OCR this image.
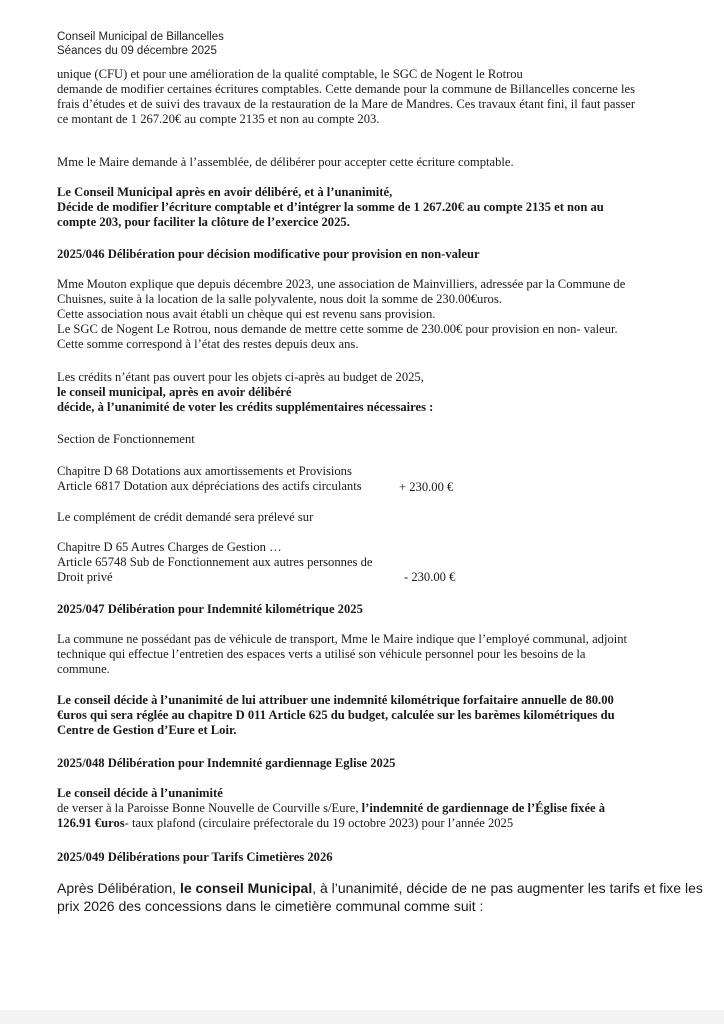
Conseil Municipal de Billancelles
Séances du 09 décembre 2025
unique (CFU) et pour une amélioration de la qualité comptable, le SGC de Nogent le Rotrou
demande de modifier certaines écritures comptables. Cette demande pour la commune de Billancelles concerne les
frais d’études et de suivi des travaux de la restauration de la Mare de Mandres. Ces travaux étant fini, il faut passer
ce montant de 1 267.20€ au compte 2135 et non au compte 203.
Mme le Maire demande à l’assemblée, de délibérer pour accepter cette écriture comptable.
Le Conseil Municipal après en avoir délibéré, et à l’unanimité,
Décide de modifier l’écriture comptable et d’intégrer la somme de 1 267.20€ au compte 2135 et non au
compte 203, pour faciliter la clôture de l’exercice 2025.
2025/046 Délibération pour décision modificative pour provision en non-valeur
Mme Mouton explique que depuis décembre 2023, une association de Mainvilliers, adressée par la Commune de
Chuisnes, suite à la location de la salle polyvalente, nous doit la somme de 230.00€uros.
Cette association nous avait établi un chèque qui est revenu sans provision.
Le SGC de Nogent Le Rotrou, nous demande de mettre cette somme de 230.00€ pour provision en non- valeur.
Cette somme correspond à l’état des restes depuis deux ans.
Les crédits n’étant pas ouvert pour les objets ci-après au budget de 2025,
le conseil municipal, après en avoir délibéré
décide, à l’unanimité de voter les crédits supplémentaires nécessaires :
Section de Fonctionnement
Chapitre D 68 Dotations aux amortissements et Provisions
Article 6817 Dotation aux dépréciations des actifs circulants	+ 230.00 €
Le complément de crédit demandé sera prélevé sur
Chapitre D 65 Autres Charges de Gestion …
Article 65748 Sub de Fonctionnement aux autres personnes de
Droit privé	- 230.00 €
2025/047 Délibération pour Indemnité kilométrique 2025
La commune ne possédant pas de véhicule de transport, Mme le Maire indique que l’employé communal, adjoint
technique qui effectue l’entretien des espaces verts a utilisé son véhicule personnel pour les besoins de la
commune.
Le conseil décide à l’unanimité de lui attribuer une indemnité kilométrique forfaitaire annuelle de 80.00
€uros qui sera réglée au chapitre D 011 Article 625 du budget, calculée sur les barèmes kilométriques du
Centre de Gestion d’Eure et Loir.
2025/048 Délibération pour Indemnité gardiennage Eglise 2025
Le conseil décide à l’unanimité
de verser à la Paroisse Bonne Nouvelle de Courville s/Eure, l’indemnité de gardiennage de l’Église fixée à
126.91 €uros- taux plafond (circulaire préfectorale du 19 octobre 2023) pour l’année 2025
2025/049 Délibérations pour Tarifs Cimetières 2026
Après Délibération, le conseil Municipal, à l’unanimité, décide de ne pas augmenter les tarifs et fixe les
prix 2026 des concessions dans le cimetière communal comme suit :
